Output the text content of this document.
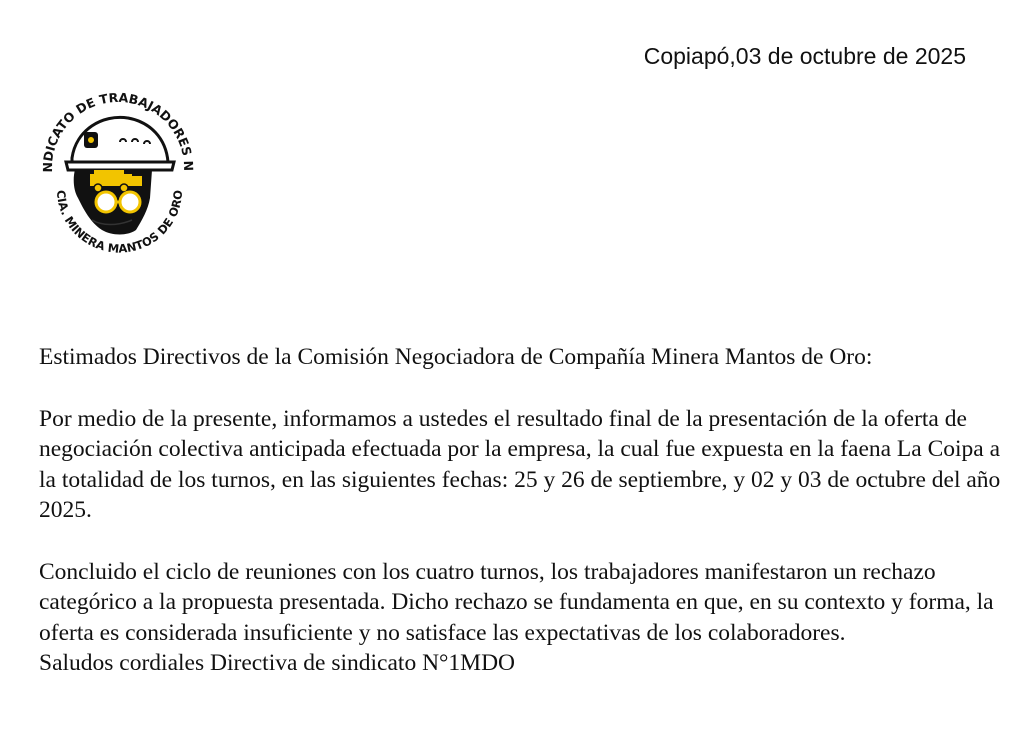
Copiapó,03 de octubre de 2025
NDICATO DE TRABAJADORES N
CIA. MINERA MANTOS DE ORO

Estimados Directivos de la Comisión Negociadora de Compañía Minera Mantos de Oro:

Por medio de la presente, informamos a ustedes el resultado final de la presentación de la oferta de negociación colectiva anticipada efectuada por la empresa, la cual fue expuesta en la faena La Coipa a la totalidad de los turnos, en las siguientes fechas: 25 y 26 de septiembre, y 02 y 03 de octubre del año 2025.

Concluido el ciclo de reuniones con los cuatro turnos, los trabajadores manifestaron un rechazo categórico a la propuesta presentada. Dicho rechazo se fundamenta en que, en su contexto y forma, la oferta es considerada insuficiente y no satisface las expectativas de los colaboradores.

Saludos cordiales Directiva de sindicato N°1MDO
